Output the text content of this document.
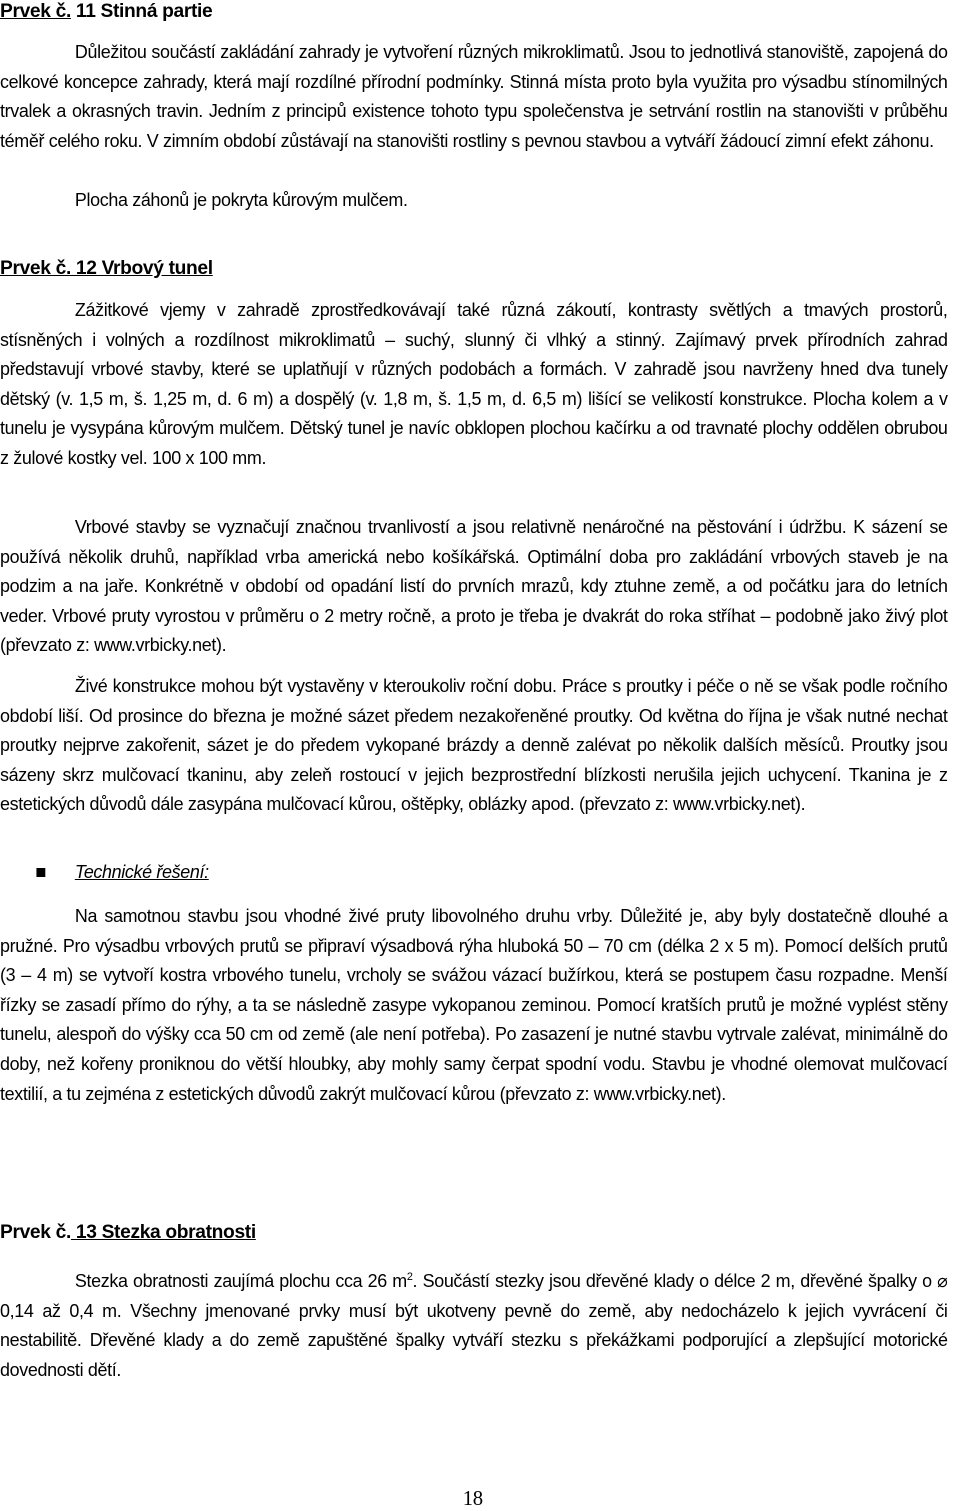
Prvek č. 11 Stinná partie

Důležitou součástí zakládání zahrady je vytvoření různých mikroklimatů. Jsou to jednotlivá stanoviště, zapojená do celkové koncepce zahrady, která mají rozdílné přírodní podmínky. Stinná místa proto byla využita pro výsadbu stínomilných trvalek a okrasných travin. Jedním z principů existence tohoto typu společenstva je setrvání rostlin na stanovišti v průběhu téměř celého roku. V zimním období zůstávají na stanovišti rostliny s pevnou stavbou a vytváří žádoucí zimní efekt záhonu.

Plocha záhonů je pokryta kůrovým mulčem.

Prvek č. 12 Vrbový tunel

Zážitkové vjemy v zahradě zprostředkovávají také různá zákoutí, kontrasty světlých a tmavých prostorů, stísněných i volných a rozdílnost mikroklimatů – suchý, slunný či vlhký a stinný. Zajímavý prvek přírodních zahrad představují vrbové stavby, které se uplatňují v různých podobách a formách. V zahradě jsou navrženy hned dva tunely dětský (v. 1,5 m, š. 1,25 m, d. 6 m) a dospělý (v. 1,8 m, š. 1,5 m, d. 6,5 m) lišící se velikostí konstrukce. Plocha kolem a v tunelu je vysypána kůrovým mulčem. Dětský tunel je navíc obklopen plochou kačírku a od travnaté plochy oddělen obrubou z žulové kostky vel. 100 x 100 mm.

Vrbové stavby se vyznačují značnou trvanlivostí a jsou relativně nenáročné na pěstování i údržbu. K sázení se používá několik druhů, například vrba americká nebo košíkářská. Optimální doba pro zakládání vrbových staveb je na podzim a na jaře. Konkrétně v období od opadání listí do prvních mrazů, kdy ztuhne země, a od počátku jara do letních veder. Vrbové pruty vyrostou v průměru o 2 metry ročně, a proto je třeba je dvakrát do roka stříhat – podobně jako živý plot (převzato z: www.vrbicky.net).

Živé konstrukce mohou být vystavěny v kteroukoliv roční dobu. Práce s proutky i péče o ně se však podle ročního období liší. Od prosince do března je možné sázet předem nezakořeněné proutky. Od května do října je však nutné nechat proutky nejprve zakořenit, sázet je do předem vykopané brázdy a denně zalévat po několik dalších měsíců. Proutky jsou sázeny skrz mulčovací tkaninu, aby zeleň rostoucí v jejich bezprostřední blízkosti nerušila jejich uchycení. Tkanina je z estetických důvodů dále zasypána mulčovací kůrou, oštěpky, oblázky apod. (převzato z: www.vrbicky.net).

Technické řešení:

Na samotnou stavbu jsou vhodné živé pruty libovolného druhu vrby. Důležité je, aby byly dostatečně dlouhé a pružné. Pro výsadbu vrbových prutů se připraví výsadbová rýha hluboká 50 – 70 cm (délka 2 x 5 m). Pomocí delších prutů (3 – 4 m) se vytvoří kostra vrbového tunelu, vrcholy se svážou vázací bužírkou, která se postupem času rozpadne. Menší řízky se zasadí přímo do rýhy, a ta se následně zasype vykopanou zeminou. Pomocí kratších prutů je možné vyplést stěny tunelu, alespoň do výšky cca 50 cm od země (ale není potřeba). Po zasazení je nutné stavbu vytrvale zalévat, minimálně do doby, než kořeny proniknou do větší hloubky, aby mohly samy čerpat spodní vodu. Stavbu je vhodné olemovat mulčovací textilií, a tu zejména z estetických důvodů zakrýt mulčovací kůrou (převzato z: www.vrbicky.net).

Prvek č. 13 Stezka obratnosti

Stezka obratnosti zaujímá plochu cca 26 $m^2$. Součástí stezky jsou dřevěné klady o délce 2 m, dřevěné špalky o ⌀ 0,14 až 0,4 m. Všechny jmenované prvky musí být ukotveny pevně do země, aby nedocházelo k jejich vyvrácení či nestabilitě. Dřevěné klady a do země zapuštěné špalky vytváří stezku s překážkami podporující a zlepšující motorické dovednosti dětí.

18
